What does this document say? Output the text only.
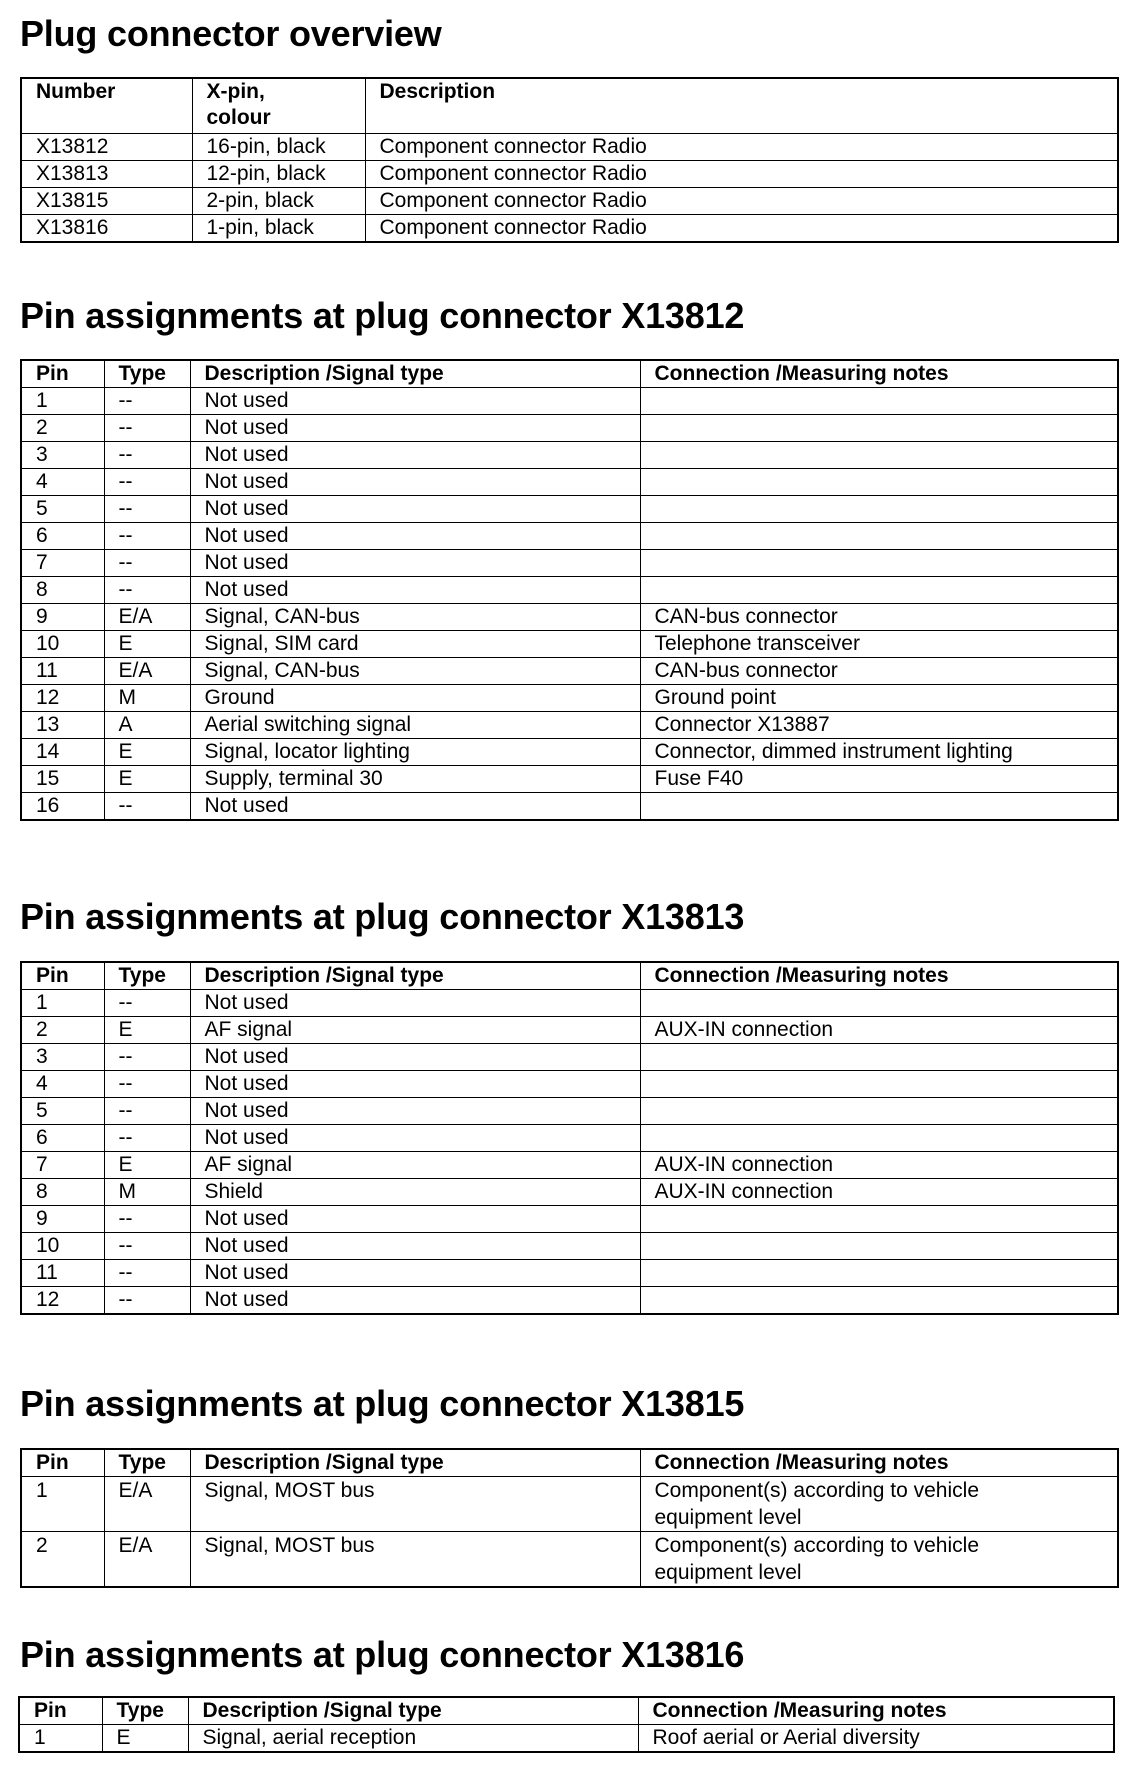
Plug connector overview
Number	X-pin, colour	Description
X13812	16-pin, black	Component connector Radio
X13813	12-pin, black	Component connector Radio
X13815	2-pin, black	Component connector Radio
X13816	1-pin, black	Component connector Radio
Pin assignments at plug connector X13812
Pin	Type	Description /Signal type	Connection /Measuring notes
1	--	Not used	
2	--	Not used	
3	--	Not used	
4	--	Not used	
5	--	Not used	
6	--	Not used	
7	--	Not used	
8	--	Not used	
9	E/A	Signal, CAN-bus	CAN-bus connector
10	E	Signal, SIM card	Telephone transceiver
11	E/A	Signal, CAN-bus	CAN-bus connector
12	M	Ground	Ground point
13	A	Aerial switching signal	Connector X13887
14	E	Signal, locator lighting	Connector, dimmed instrument lighting
15	E	Supply, terminal 30	Fuse F40
16	--	Not used	
Pin assignments at plug connector X13813
Pin	Type	Description /Signal type	Connection /Measuring notes
1	--	Not used	
2	E	AF signal	AUX-IN connection
3	--	Not used	
4	--	Not used	
5	--	Not used	
6	--	Not used	
7	E	AF signal	AUX-IN connection
8	M	Shield	AUX-IN connection
9	--	Not used	
10	--	Not used	
11	--	Not used	
12	--	Not used	
Pin assignments at plug connector X13815
Pin	Type	Description /Signal type	Connection /Measuring notes
1	E/A	Signal, MOST bus	Component(s) according to vehicle equipment level
2	E/A	Signal, MOST bus	Component(s) according to vehicle equipment level
Pin assignments at plug connector X13816
Pin	Type	Description /Signal type	Connection /Measuring notes
1	E	Signal, aerial reception	Roof aerial or Aerial diversity
